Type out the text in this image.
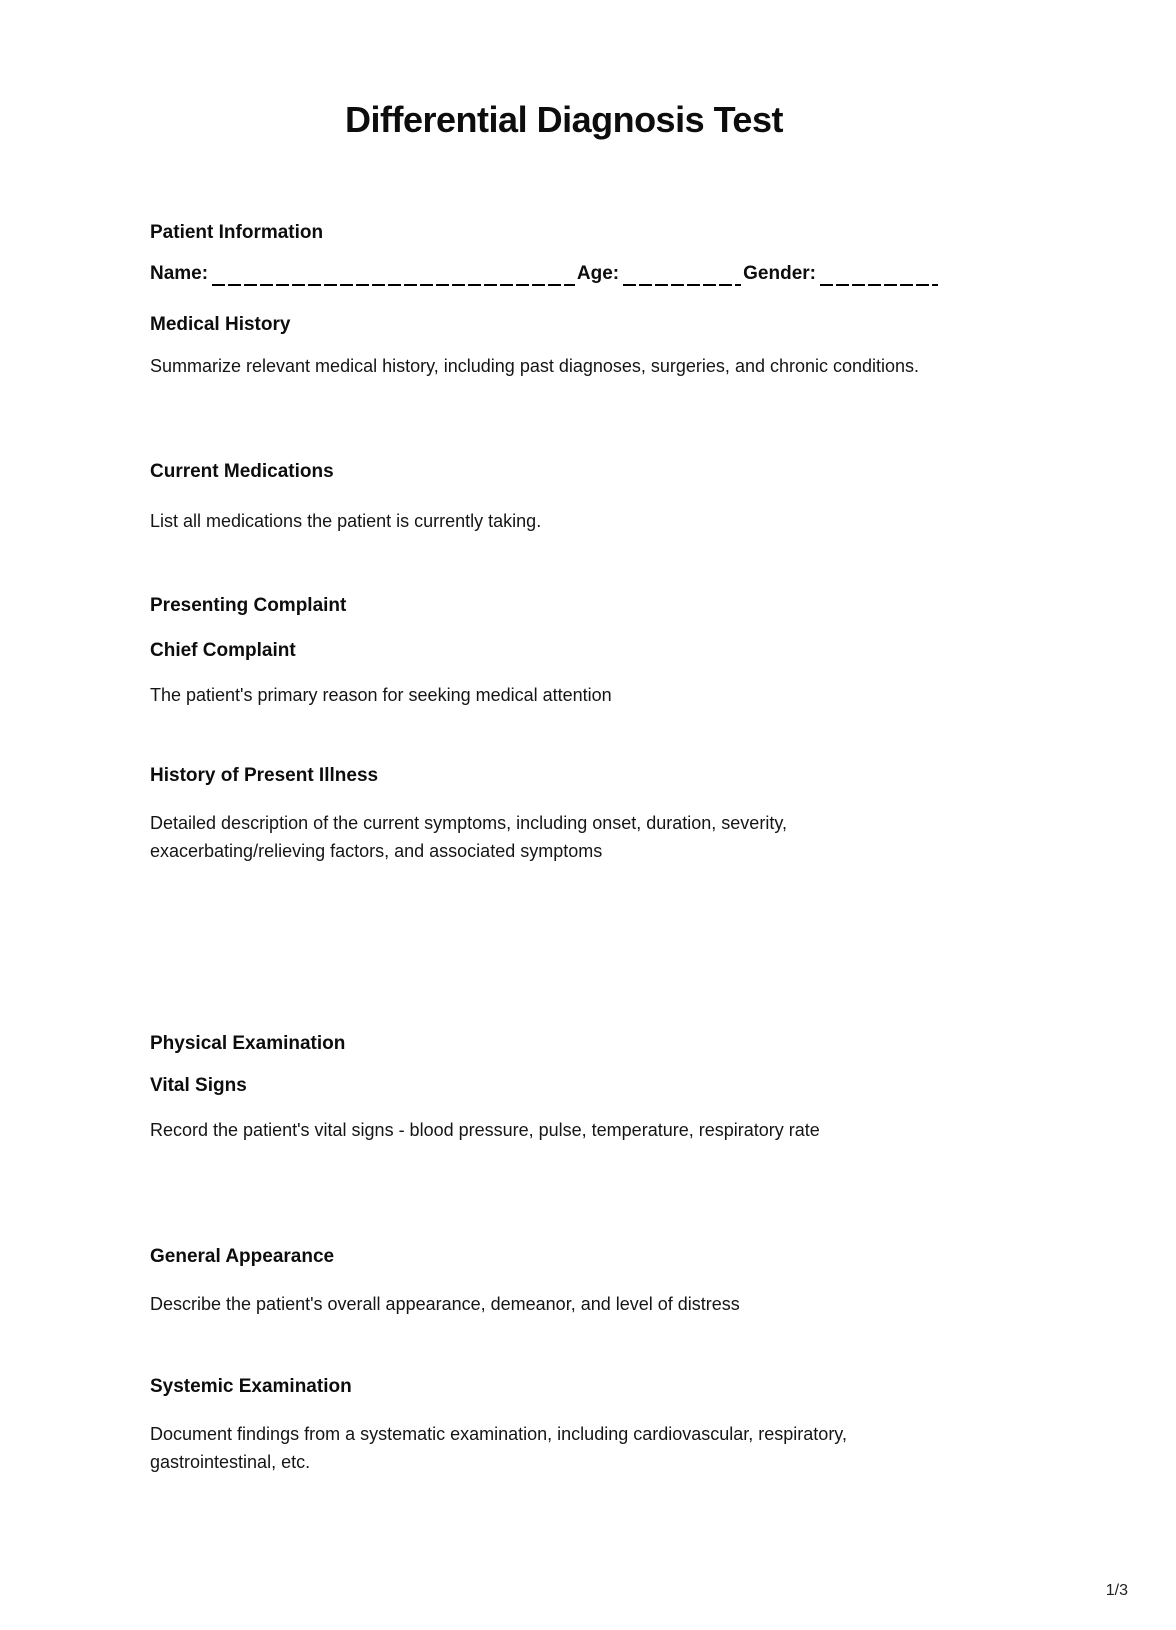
Differential Diagnosis Test
Patient Information
Name:	Age:	Gender:
Medical History
Summarize relevant medical history, including past diagnoses, surgeries, and chronic conditions.
Current Medications
List all medications the patient is currently taking.
Presenting Complaint
Chief Complaint
The patient's primary reason for seeking medical attention
History of Present Illness
Detailed description of the current symptoms, including onset, duration, severity, exacerbating/relieving factors, and associated symptoms
Physical Examination
Vital Signs
Record the patient's vital signs - blood pressure, pulse, temperature, respiratory rate
General Appearance
Describe the patient's overall appearance, demeanor, and level of distress
Systemic Examination
Document findings from a systematic examination, including cardiovascular, respiratory, gastrointestinal, etc.
1/3
